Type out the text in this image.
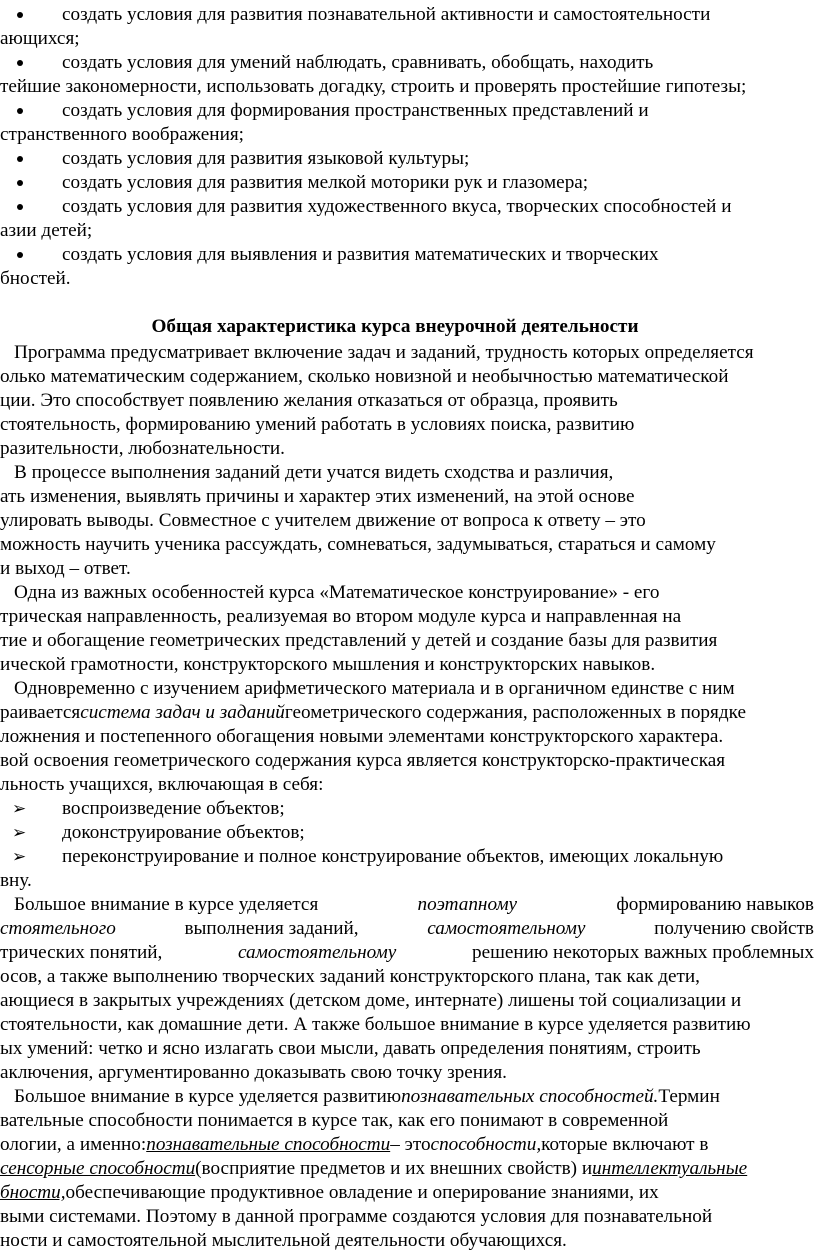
создать условия для развития познавательной активности и самостоятельности
ающихся;
создать условия для умений наблюдать, сравнивать, обобщать, находить
тейшие закономерности, использовать догадку, строить и проверять простейшие гипотезы;
создать условия для формирования пространственных представлений и
странственного воображения;
создать условия для развития языковой культуры;
создать условия для развития мелкой моторики рук и глазомера;
создать условия для развития художественного вкуса, творческих способностей и
азии детей;
создать условия для выявления и развития математических и творческих
бностей.
Общая характеристика курса внеурочной деятельности
Программа предусматривает включение задач и заданий, трудность которых определяется
олько математическим содержанием, сколько новизной и необычностью математической
ции. Это способствует появлению желания отказаться от образца, проявить
стоятельность, формированию умений работать в условиях поиска, развитию
разительности, любознательности.
В процессе выполнения заданий дети учатся видеть сходства и различия,
ать изменения, выявлять причины и характер этих изменений, на этой основе
улировать выводы. Совместное с учителем движение от вопроса к ответу – это
можность научить ученика рассуждать, сомневаться, задумываться, стараться и самому
и выход – ответ.
Одна из важных особенностей курса «Математическое конструирование» - его
трическая направленность, реализуемая во втором модуле курса и направленная на
тие и обогащение геометрических представлений у детей и создание базы для развития
ической грамотности, конструкторского мышления и конструкторских навыков.
Одновременно с изучением арифметического материала и в органичном единстве с ним
раивается система задач и заданий геометрического содержания, расположенных в порядке
ложнения и постепенного обогащения новыми элементами конструкторского характера.
вой освоения геометрического содержания курса является конструкторско-практическая
льность учащихся, включающая в себя:
➢ воспроизведение объектов;
➢ доконструирование объектов;
➢ переконструирование и полное конструирование объектов, имеющих локальную
вну.
Большое внимание в курсе уделяется	поэтапному	формированию навыков
стоятельного	выполнения заданий,	самостоятельному	получению свойств
трических понятий,	самостоятельному	решению некоторых важных проблемных
осов, а также выполнению творческих заданий конструкторского плана, так как дети,
ающиеся в закрытых учреждениях (детском доме, интернате) лишены той социализации и
стоятельности, как домашние дети. А также большое внимание в курсе уделяется развитию
ых умений: четко и ясно излагать свои мысли, давать определения понятиям, строить
аключения, аргументированно доказывать свою точку зрения.
Большое внимание в курсе уделяется развитию познавательных способностей. Термин
вательные способности понимается в курсе так, как его понимают в современной
ологии, а именно: познавательные способности – это способности, которые включают в
сенсорные способности (восприятие предметов и их внешних свойств) и интеллектуальные
бности, обеспечивающие продуктивное овладение и оперирование знаниями, их
выми системами. Поэтому в данной программе создаются условия для познавательной
ности и самостоятельной мыслительной деятельности обучающихся.
